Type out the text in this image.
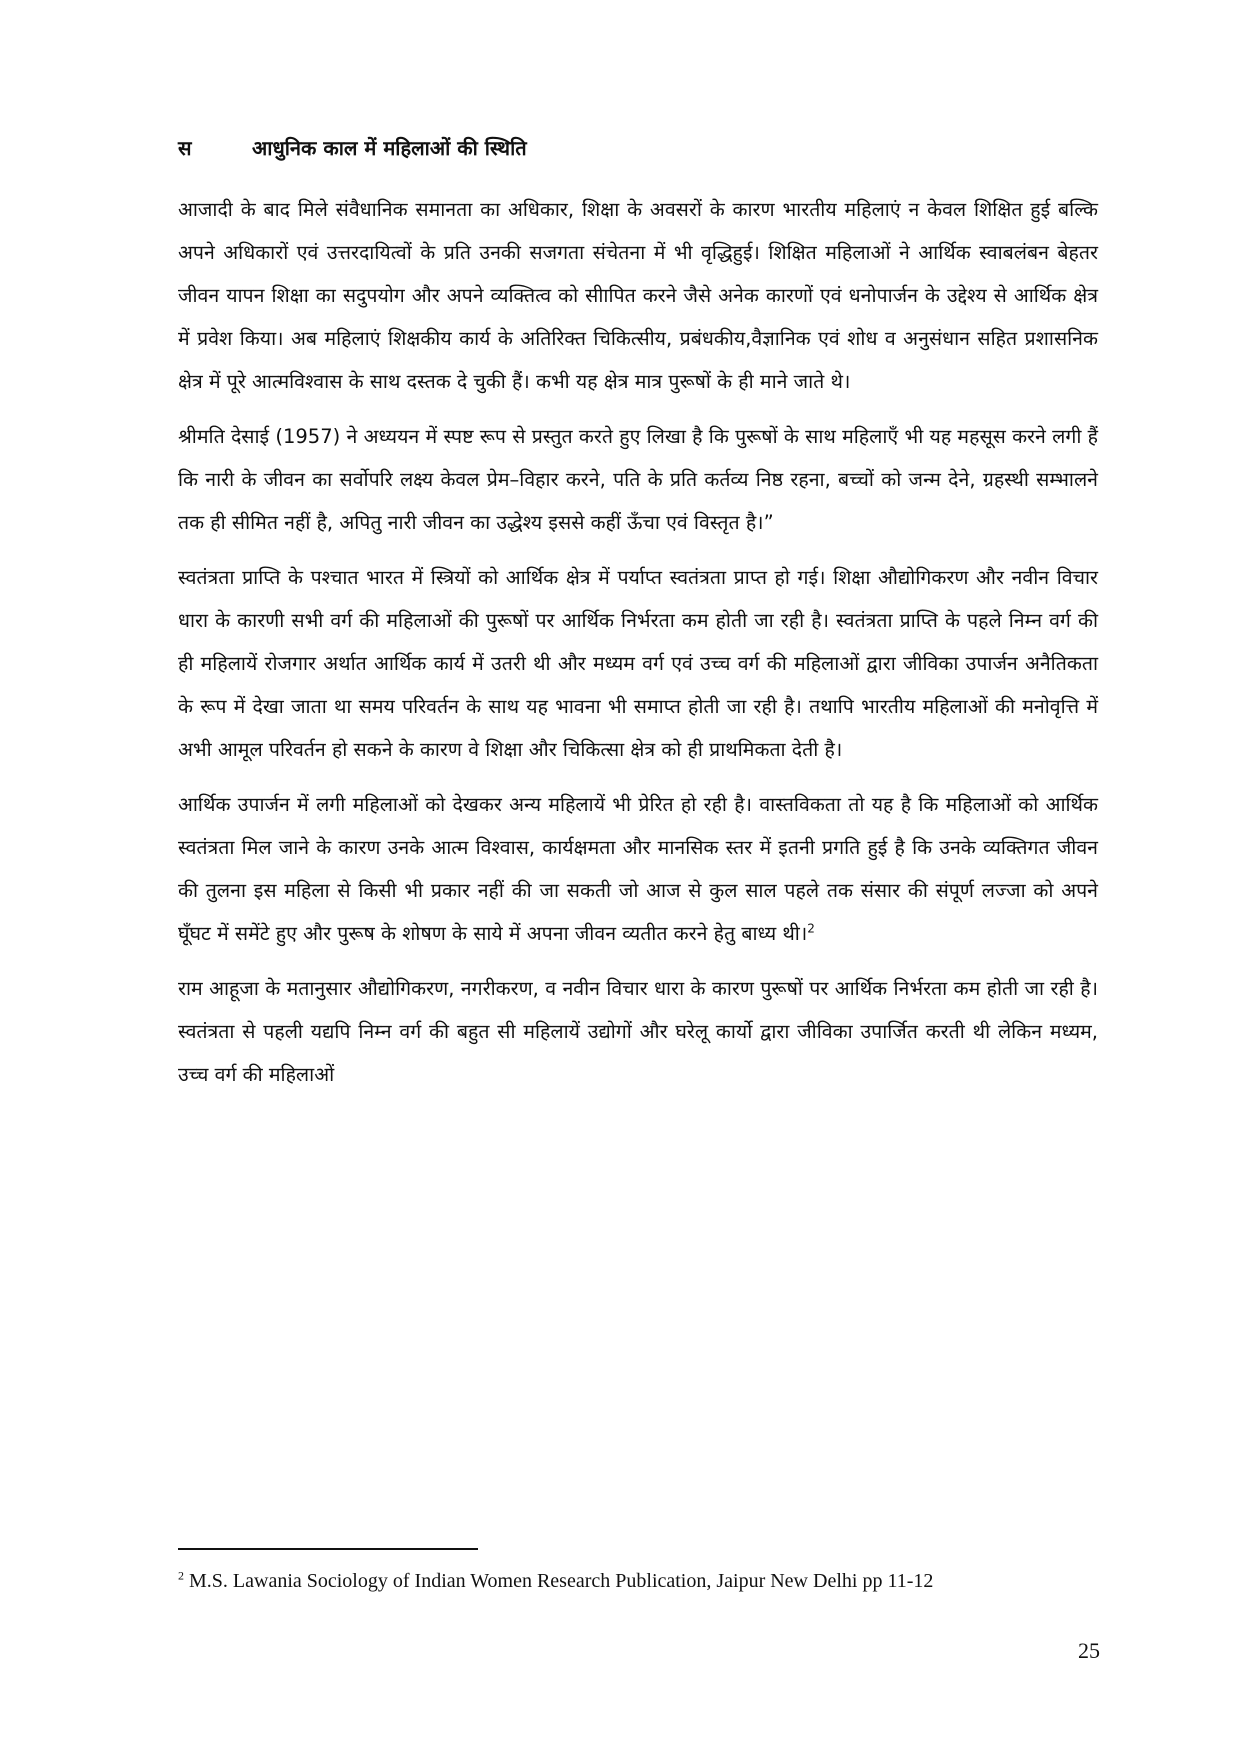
स	आधुनिक काल में महिलाओं की स्थिति

आजादी के बाद मिले संवैधानिक समानता का अधिकार, शिक्षा के अवसरों के कारण भारतीय महिलाएं न केवल शिक्षित हुई बल्कि अपने अधिकारों एवं उत्तरदायित्वों के प्रति उनकी सजगता संचेतना में भी वृद्धिहुई। शिक्षित महिलाओं ने आर्थिक स्वाबलंबन बेहतर जीवन यापन शिक्षा का सदुपयोग और अपने व्यक्तित्व को सीापित करने जैसे अनेक कारणों एवं धनोपार्जन के उद्देश्य से आर्थिक क्षेत्र में प्रवेश किया। अब महिलाएं शिक्षकीय कार्य के अतिरिक्त चिकित्सीय, प्रबंधकीय,वैज्ञानिक एवं शोध व अनुसंधान सहित प्रशासनिक क्षेत्र में पूरे आत्मविश्वास के साथ दस्तक दे चुकी हैं। कभी यह क्षेत्र मात्र पुरूषों के ही माने जाते थे।

श्रीमति देसाई (1957) ने अध्ययन में स्पष्ट रूप से प्रस्तुत करते हुए लिखा है कि पुरूषों के साथ महिलाएँ भी यह महसूस करने लगी हैं कि नारी के जीवन का सर्वोपरि लक्ष्य केवल प्रेम–विहार करने, पति के प्रति कर्तव्य निष्ठ रहना, बच्चों को जन्म देने, ग्रहस्थी सम्भालने तक ही सीमित नहीं है, अपितु नारी जीवन का उद्धेश्य इससे कहीं ऊँचा एवं विस्तृत है।”

स्वतंत्रता प्राप्ति के पश्चात भारत में स्त्रियों को आर्थिक क्षेत्र में पर्याप्त स्वतंत्रता प्राप्त हो गई। शिक्षा औद्योगिकरण और नवीन विचार धारा के कारणी सभी वर्ग की महिलाओं की पुरूषों पर आर्थिक निर्भरता कम होती जा रही है। स्वतंत्रता प्राप्ति के पहले निम्न वर्ग की ही महिलायें रोजगार अर्थात आर्थिक कार्य में उतरी थी और मध्यम वर्ग एवं उच्च वर्ग की महिलाओं द्वारा जीविका उपार्जन अनैतिकता के रूप में देखा जाता था समय परिवर्तन के साथ यह भावना भी समाप्त होती जा रही है। तथापि भारतीय महिलाओं की मनोवृत्ति में अभी आमूल परिवर्तन हो सकने के कारण वे शिक्षा और चिकित्सा क्षेत्र को ही प्राथमिकता देती है।

आर्थिक उपार्जन में लगी महिलाओं को देखकर अन्य महिलायें भी प्रेरित हो रही है। वास्तविकता तो यह है कि महिलाओं को आर्थिक स्वतंत्रता मिल जाने के कारण उनके आत्म विश्वास, कार्यक्षमता और मानसिक स्तर में इतनी प्रगति हुई है कि उनके व्यक्तिगत जीवन की तुलना इस महिला से किसी भी प्रकार नहीं की जा सकती जो आज से कुल साल पहले तक संसार की संपूर्ण लज्जा को अपने घूँघट में समेंटे हुए और पुरूष के शोषण के साये में अपना जीवन व्यतीत करने हेतु बाध्य थी।$^2$

राम आहूजा के मतानुसार औद्योगिकरण, नगरीकरण, व नवीन विचार धारा के कारण पुरूषों पर आर्थिक निर्भरता कम होती जा रही है। स्वतंत्रता से पहली यद्यपि निम्न वर्ग की बहुत सी महिलायें उद्योगों और घरेलू कार्यो द्वारा जीविका उपार्जित करती थी लेकिन मध्यम, उच्च वर्ग की महिलाओं

$^2$ M.S. Lawania Sociology of Indian Women Research Publication, Jaipur New Delhi pp 11-12
25
